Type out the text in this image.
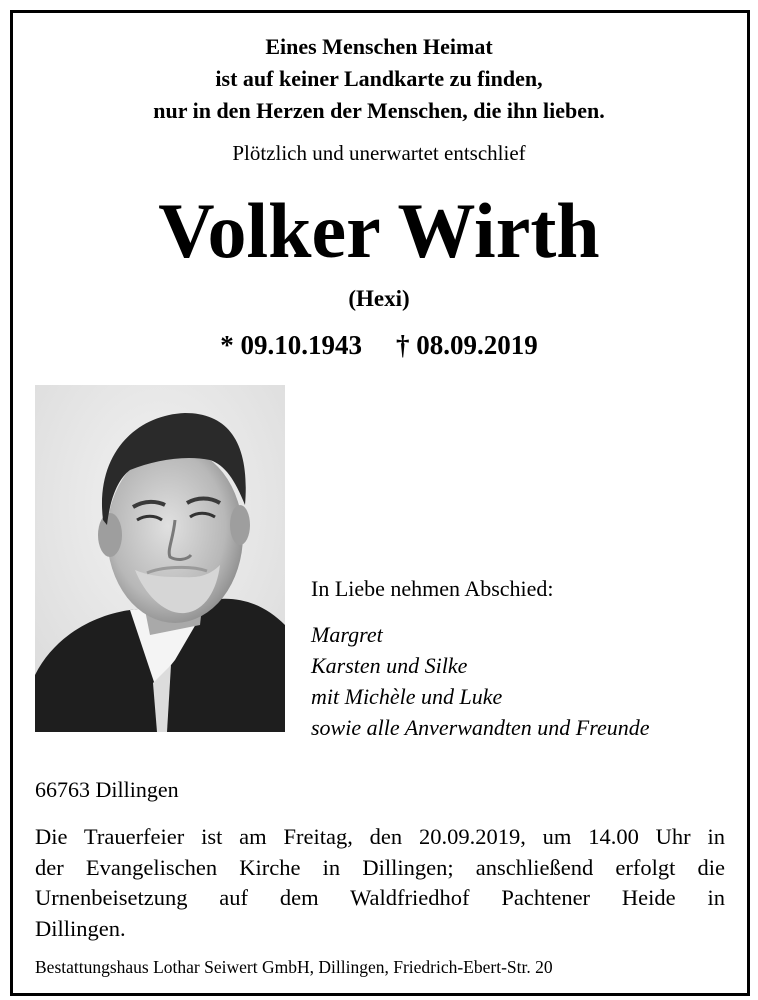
Eines Menschen Heimat
ist auf keiner Landkarte zu finden,
nur in den Herzen der Menschen, die ihn lieben.
Plötzlich und unerwartet entschlief
Volker Wirth
(Hexi)
* 09.10.1943 † 08.09.2019
In Liebe nehmen Abschied:
Margret
Karsten und Silke
mit Michèle und Luke
sowie alle Anverwandten und Freunde
66763 Dillingen
Die Trauerfeier ist am Freitag, den 20.09.2019, um 14.00 Uhr in
der Evangelischen Kirche in Dillingen; anschließend erfolgt die
Urnenbeisetzung auf dem Waldfriedhof Pachtener Heide in
Dillingen.
Bestattungshaus Lothar Seiwert GmbH, Dillingen, Friedrich-Ebert-Str. 20
